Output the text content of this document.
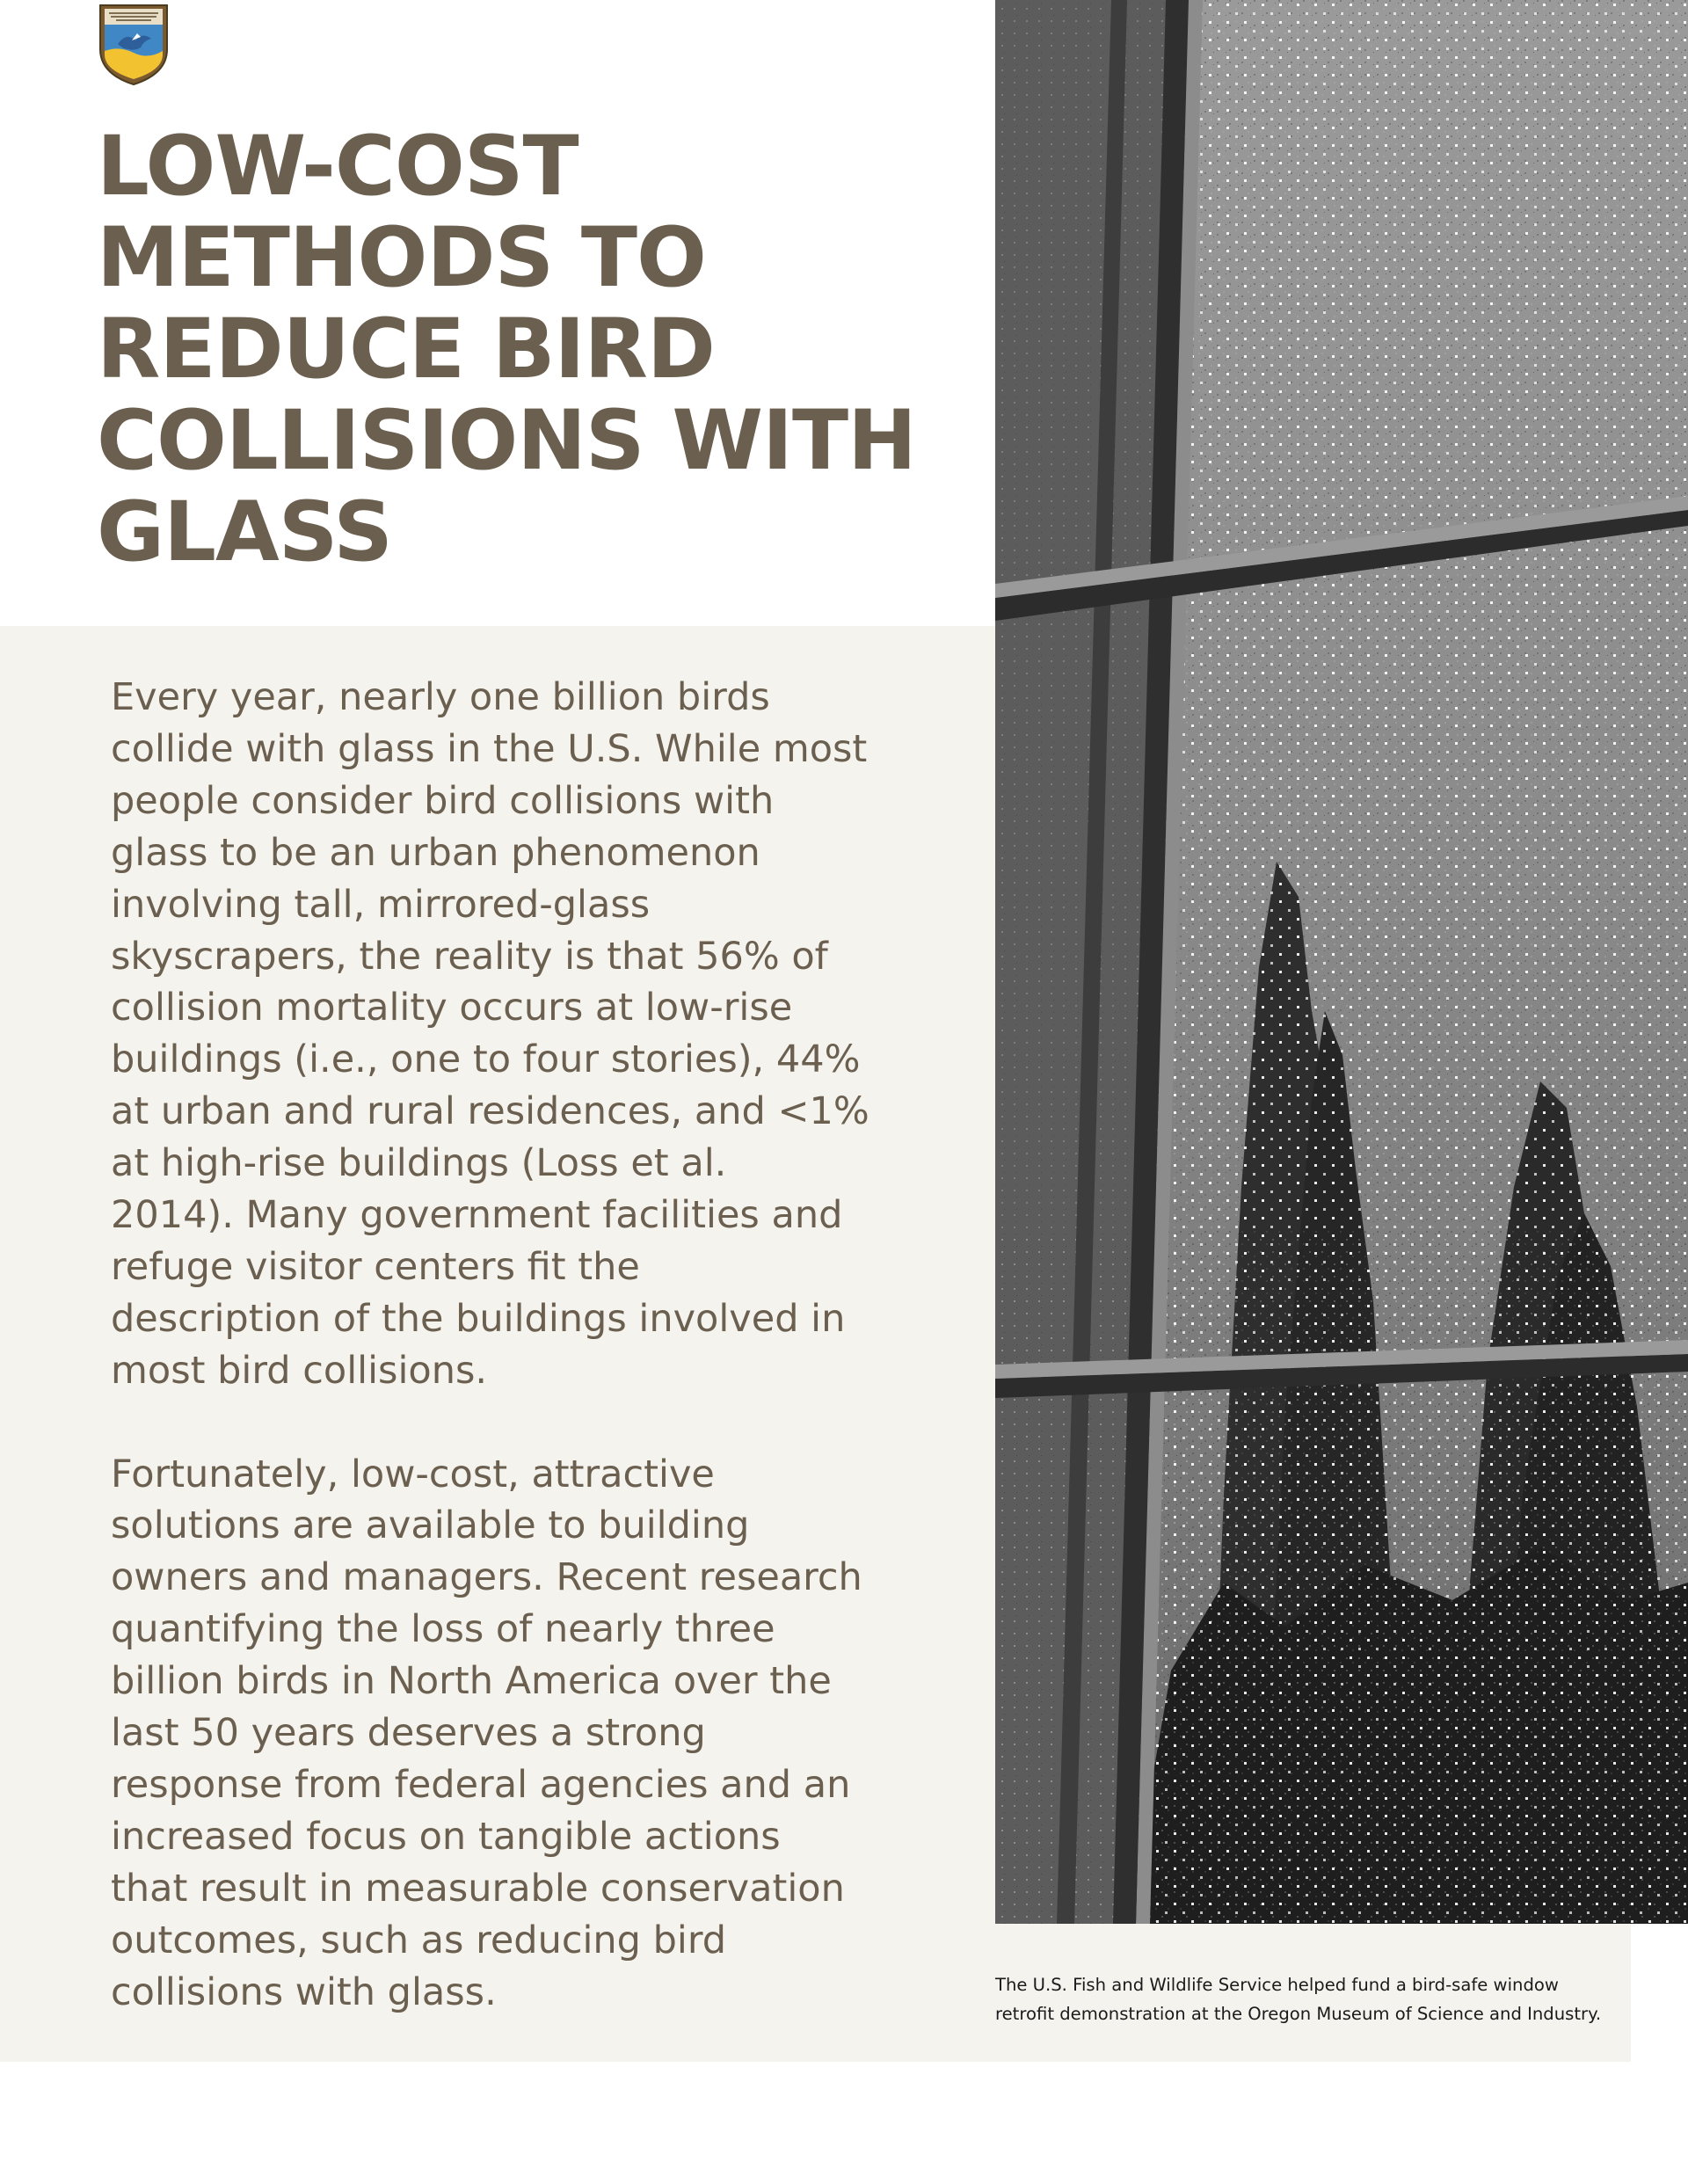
LOW-COST
METHODS TO
REDUCE BIRD
COLLISIONS WITH
GLASS
Every year, nearly one billion birds
collide with glass in the U.S. While most
people consider bird collisions with
glass to be an urban phenomenon
involving tall, mirrored-glass
skyscrapers, the reality is that 56% of
collision mortality occurs at low-rise
buildings (i.e., one to four stories), 44%
at urban and rural residences, and <1%
at high-rise buildings (Loss et al.
2014). Many government facilities and
refuge visitor centers fit the
description of the buildings involved in
most bird collisions.
Fortunately, low-cost, attractive
solutions are available to building
owners and managers. Recent research
quantifying the loss of nearly three
billion birds in North America over the
last 50 years deserves a strong
response from federal agencies and an
increased focus on tangible actions
that result in measurable conservation
outcomes, such as reducing bird
collisions with glass.	The U.S. Fish and Wildlife Service helped fund a bird-safe window
retrofit demonstration at the Oregon Museum of Science and Industry.
